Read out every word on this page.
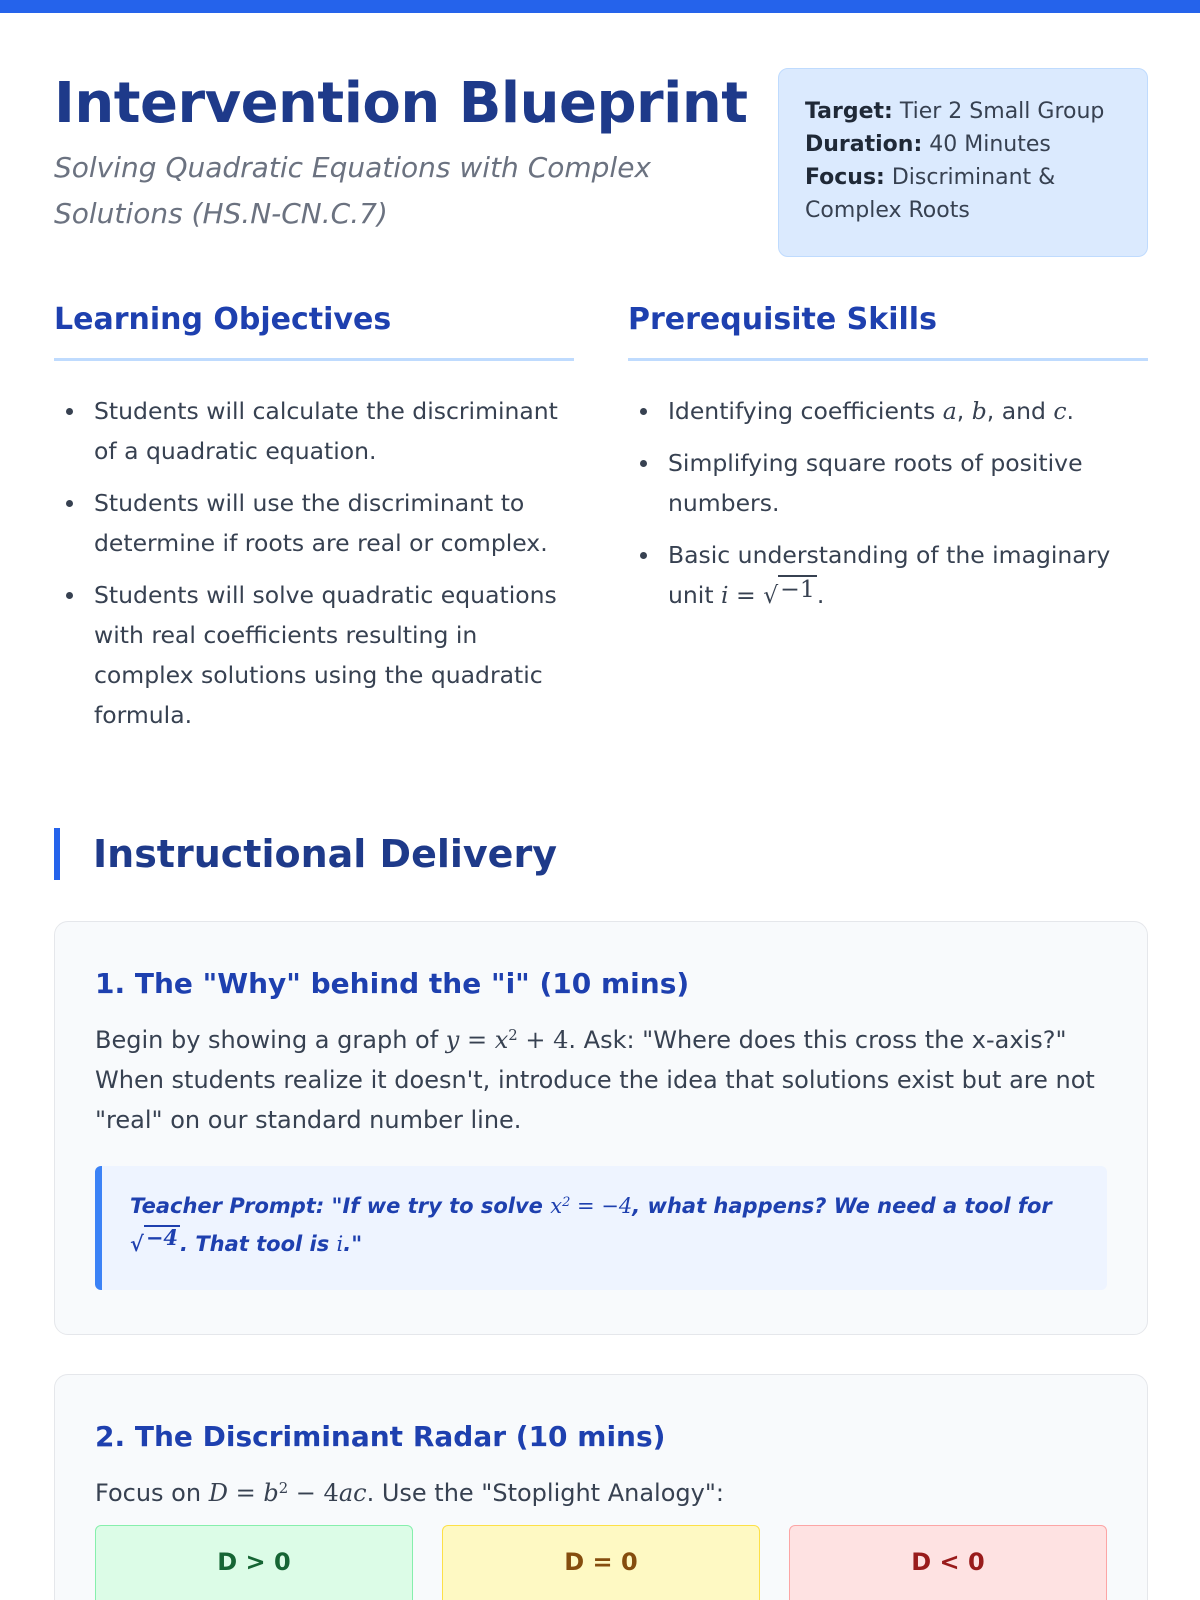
Intervention Blueprint
Solving Quadratic Equations with Complex Solutions (HS.N-CN.C.7)
Target: Tier 2 Small Group
Duration: 40 Minutes
Focus: Discriminant & Complex Roots
Learning Objectives
Students will calculate the discriminant of a quadratic equation.
Students will use the discriminant to determine if roots are real or complex.
Students will solve quadratic equations with real coefficients resulting in complex solutions using the quadratic formula.
Prerequisite Skills
Identifying coefficients a, b, and c.
Simplifying square roots of positive numbers.
Basic understanding of the imaginary unit i = √ −1 .
Instructional Delivery
1. The "Why" behind the "i" (10 mins)

Begin by showing a graph of $y = x^2 + 4$. Ask: "Where does this cross the x-axis?" When students realize it doesn't, introduce the idea that solutions exist but are not "real" on our standard number line.

Teacher Prompt: "If we try to solve $x^2 = -4$, what happens? We need a tool for
√ −4 . That tool is i."
2. The Discriminant Radar (10 mins)

Focus on $D = b^2 - 4ac$. Use the "Stoplight Analogy":

D > 0	D = 0	D < 0
